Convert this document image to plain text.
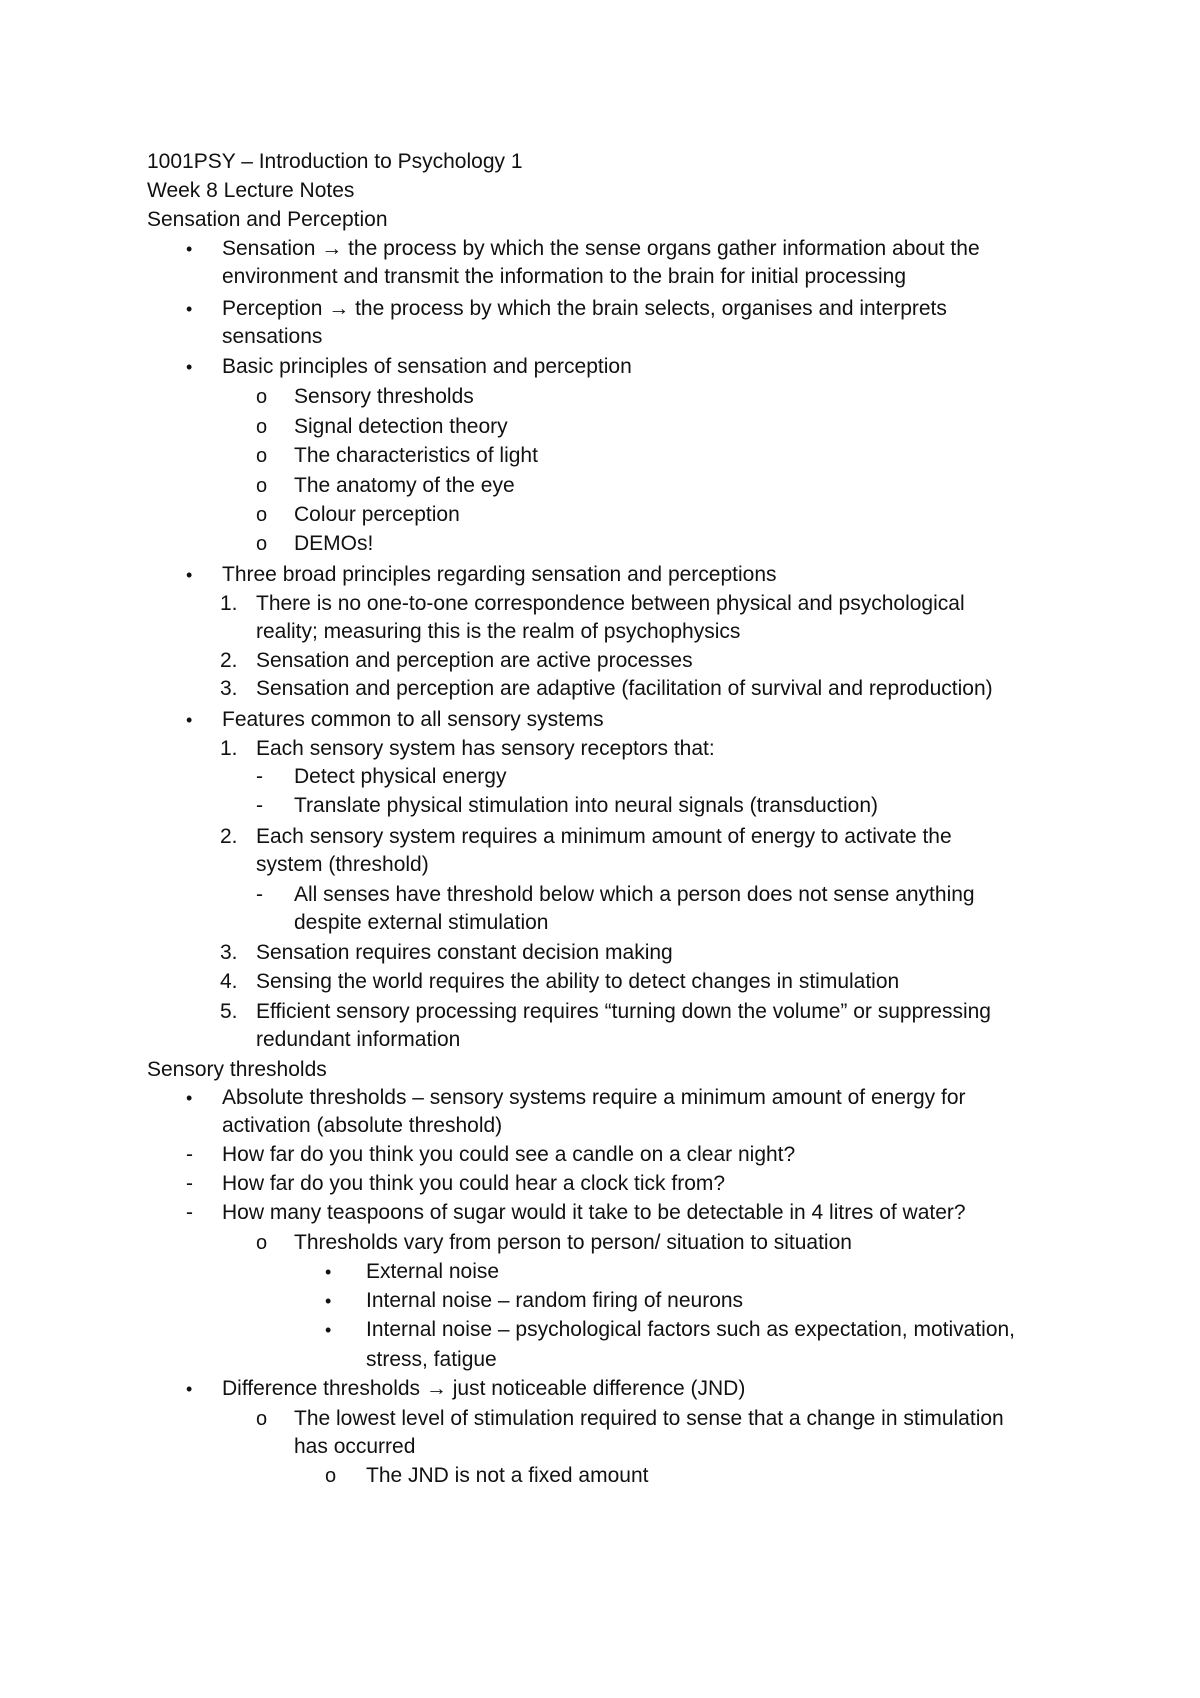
1001PSY – Introduction to Psychology 1
Week 8 Lecture Notes
Sensation and Perception
• Sensation → the process by which the sense organs gather information about the
environment and transmit the information to the brain for initial processing
• Perception → the process by which the brain selects, organises and interprets
sensations
• Basic principles of sensation and perception
o Sensory thresholds
o Signal detection theory
o The characteristics of light
o The anatomy of the eye
o Colour perception
o DEMOs!
• Three broad principles regarding sensation and perceptions
1. There is no one-to-one correspondence between physical and psychological
reality; measuring this is the realm of psychophysics
2. Sensation and perception are active processes
3. Sensation and perception are adaptive (facilitation of survival and reproduction)
• Features common to all sensory systems
1. Each sensory system has sensory receptors that:
- Detect physical energy
- Translate physical stimulation into neural signals (transduction)
2. Each sensory system requires a minimum amount of energy to activate the
system (threshold)
- All senses have threshold below which a person does not sense anything
despite external stimulation
3. Sensation requires constant decision making
4. Sensing the world requires the ability to detect changes in stimulation
5. Efficient sensory processing requires “turning down the volume” or suppressing
redundant information
Sensory thresholds
• Absolute thresholds – sensory systems require a minimum amount of energy for
activation (absolute threshold)
- How far do you think you could see a candle on a clear night?
- How far do you think you could hear a clock tick from?
- How many teaspoons of sugar would it take to be detectable in 4 litres of water?
o Thresholds vary from person to person/ situation to situation
• External noise
• Internal noise – random firing of neurons
• Internal noise – psychological factors such as expectation, motivation,
stress, fatigue
• Difference thresholds → just noticeable difference (JND)
o The lowest level of stimulation required to sense that a change in stimulation
has occurred
o The JND is not a fixed amount
